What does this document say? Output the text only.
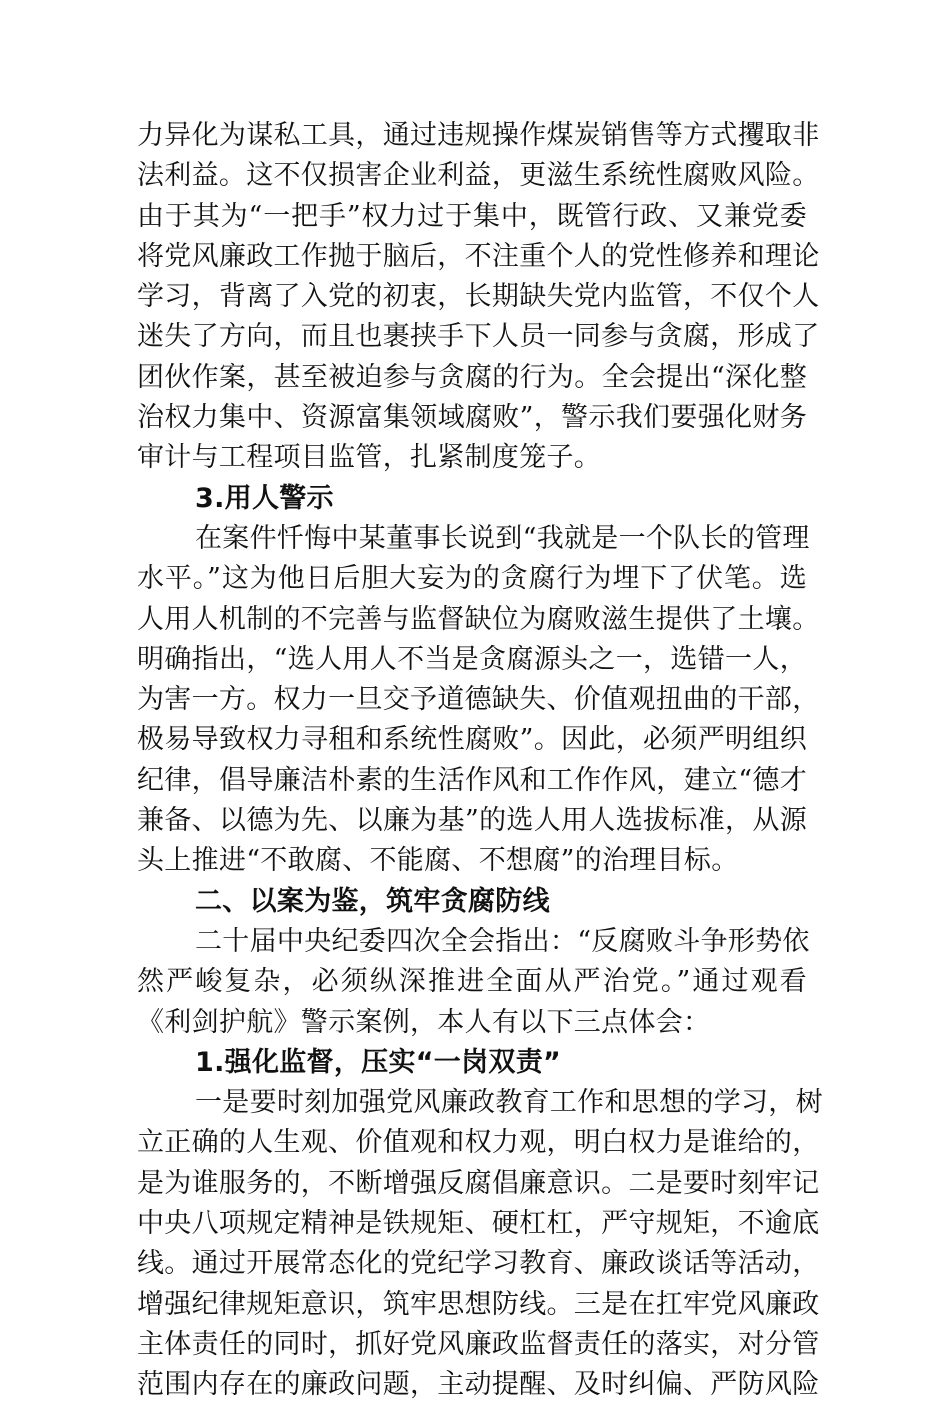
力异化为谋私工具，通过违规操作煤炭销售等方式攫取非
法利益。这不仅损害企业利益，更滋生系统性腐败风险。
由于其为“一把手”权力过于集中，既管行政、又兼党委
将党风廉政工作抛于脑后，不注重个人的党性修养和理论
学习，背离了入党的初衷，长期缺失党内监管，不仅个人
迷失了方向，而且也裹挟手下人员一同参与贪腐，形成了
团伙作案，甚至被迫参与贪腐的行为。全会提出“深化整
治权力集中、资源富集领域腐败”，警示我们要强化财务
审计与工程项目监管，扎紧制度笼子。
3.用人警示
在案件忏悔中某董事长说到“我就是一个队长的管理
水平。”这为他日后胆大妄为的贪腐行为埋下了伏笔。选
人用人机制的不完善与监督缺位为腐败滋生提供了土壤。
明确指出，“选人用人不当是贪腐源头之一，选错一人，
为害一方。权力一旦交予道德缺失、价值观扭曲的干部，
极易导致权力寻租和系统性腐败”。因此，必须严明组织
纪律，倡导廉洁朴素的生活作风和工作作风，建立“德才
兼备、以德为先、以廉为基”的选人用人选拔标准，从源
头上推进“不敢腐、不能腐、不想腐”的治理目标。
二、以案为鉴，筑牢贪腐防线
二十届中央纪委四次全会指出：“反腐败斗争形势依
然严峻复杂，必须纵深推进全面从严治党。”通过观看
《利剑护航》警示案例，本人有以下三点体会：
1.强化监督，压实“一岗双责”
一是要时刻加强党风廉政教育工作和思想的学习，树
立正确的人生观、价值观和权力观，明白权力是谁给的，
是为谁服务的，不断增强反腐倡廉意识。二是要时刻牢记
中央八项规定精神是铁规矩、硬杠杠，严守规矩，不逾底
线。通过开展常态化的党纪学习教育、廉政谈话等活动，
增强纪律规矩意识，筑牢思想防线。三是在扛牢党风廉政
主体责任的同时，抓好党风廉政监督责任的落实，对分管
范围内存在的廉政问题，主动提醒、及时纠偏、严防风险
